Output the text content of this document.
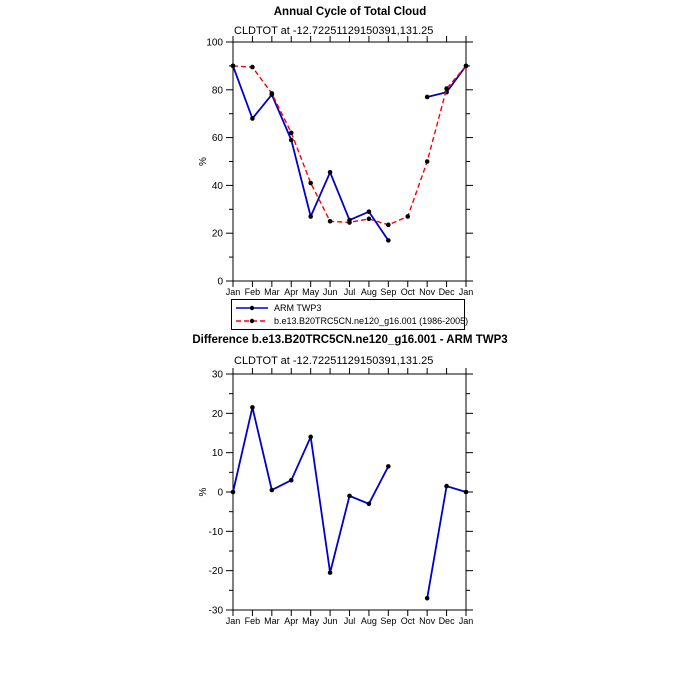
Annual Cycle of Total Cloud
CLDTOT at -12.72251129150391,131.25
Difference b.e13.B20TRC5CN.ne120_g16.001 - ARM TWP3
CLDTOT at -12.72251129150391,131.25
0
20
40
60
80
100
Jan Feb Mar Apr May Jun Jul Aug Sep Oct Nov Dec Jan
%
-30
-20
-10
0
10
20
30
Jan Feb Mar Apr May Jun Jul Aug Sep Oct Nov Dec Jan
%
ARM TWP3
b.e13.B20TRC5CN.ne120_g16.001 (1986-2005)
